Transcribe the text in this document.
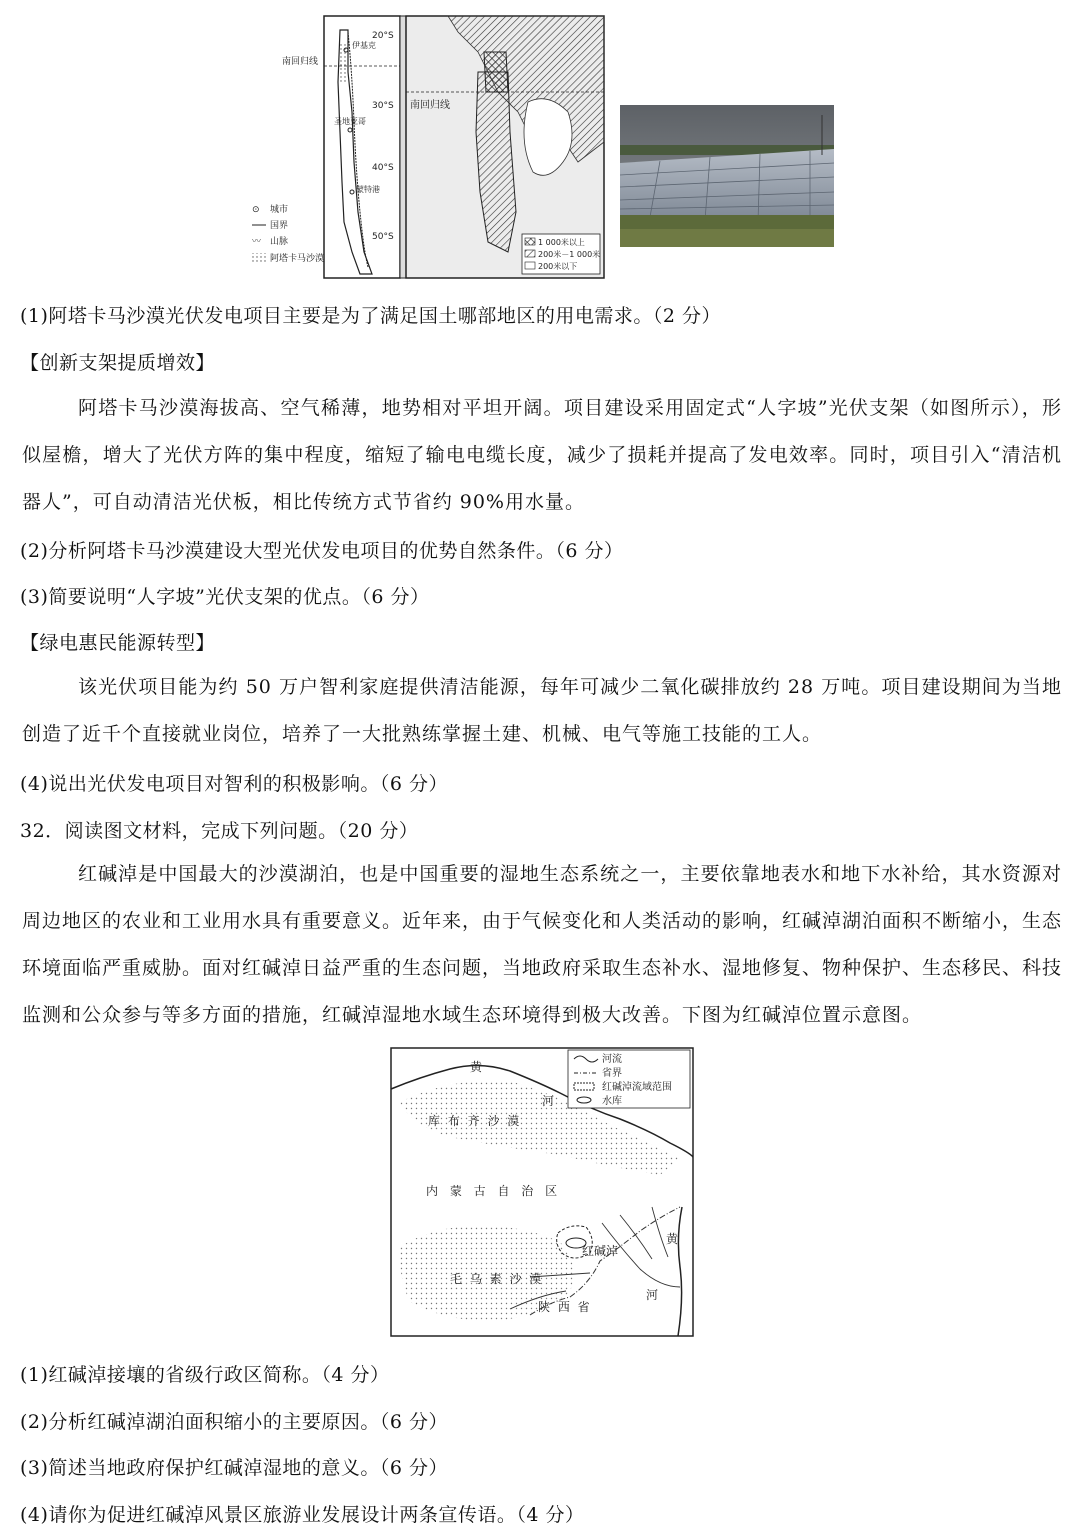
20°S
30°S
40°S
50°S
南回归线
伊基克
圣地亚哥
蒙特港
⊙ 城市
国界
〰 山脉
阿塔卡马沙漠
南回归线
1 000米以上
200米－1 000米
200米以下
(1)阿塔卡马沙漠光伏发电项目主要是为了满足国土哪部地区的用电需求。（2 分）
【创新支架提质增效】
阿塔卡马沙漠海拔高、空气稀薄，地势相对平坦开阔。项目建设采用固定式“人字坡”光伏支架（如图所示），形似屋檐，增大了光伏方阵的集中程度，缩短了输电电缆长度，减少了损耗并提高了发电效率。同时，项目引入“清洁机器人”，可自动清洁光伏板，相比传统方式节省约 90%用水量。
(2)分析阿塔卡马沙漠建设大型光伏发电项目的优势自然条件。（6 分）
(3)简要说明“人字坡”光伏支架的优点。（6 分）
【绿电惠民能源转型】
该光伏项目能为约 50 万户智利家庭提供清洁能源，每年可减少二氧化碳排放约 28 万吨。项目建设期间为当地创造了近千个直接就业岗位，培养了一大批熟练掌握土建、机械、电气等施工技能的工人。
(4)说出光伏发电项目对智利的积极影响。（6 分）
32．阅读图文材料，完成下列问题。（20 分）
红碱淖是中国最大的沙漠湖泊，也是中国重要的湿地生态系统之一，主要依靠地表水和地下水补给，其水资源对周边地区的农业和工业用水具有重要意义。近年来，由于气候变化和人类活动的影响，红碱淖湖泊面积不断缩小，生态环境面临严重威胁。面对红碱淖日益严重的生态问题，当地政府采取生态补水、湿地修复、物种保护、生态移民、科技监测和公众参与等多方面的措施，红碱淖湿地水域生态环境得到极大改善。下图为红碱淖位置示意图。
河流
省界
红碱淖流域范围
水库
黄
河
库 布 齐 沙 漠
内 蒙 古 自 治 区
红碱淖
黄
毛 乌 素 沙 漠
陕 西 省
河
(1)红碱淖接壤的省级行政区简称。（4 分）
(2)分析红碱淖湖泊面积缩小的主要原因。（6 分）
(3)简述当地政府保护红碱淖湿地的意义。（6 分）
(4)请你为促进红碱淖风景区旅游业发展设计两条宣传语。（4 分）
